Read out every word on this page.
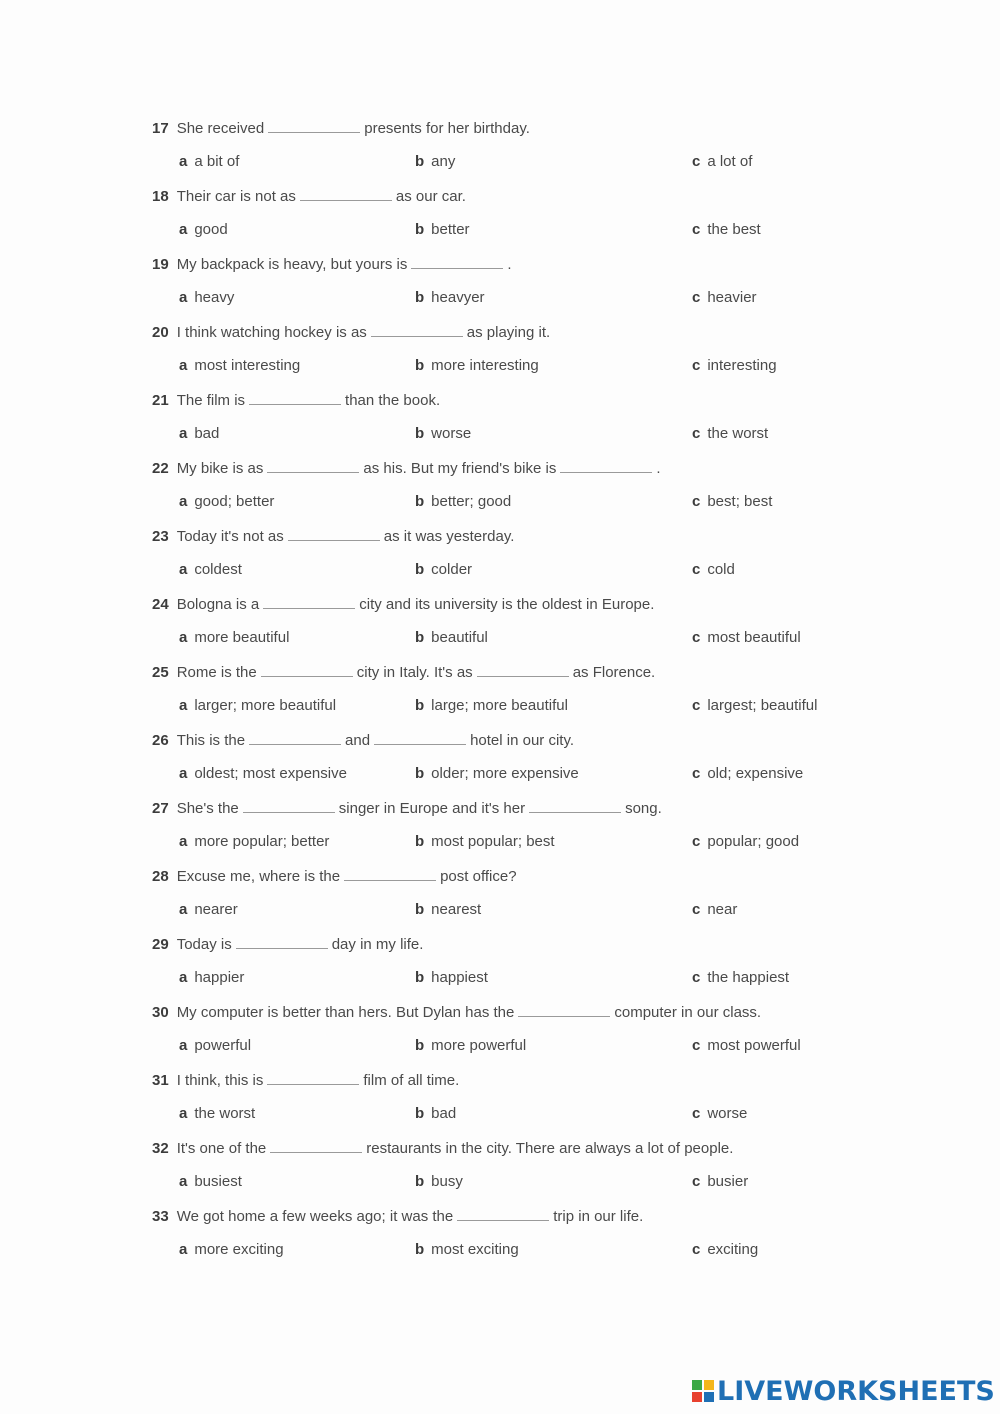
17 She received	presents for her birthday.
a a bit of	b any	c a lot of
18 Their car is not as	as our car.
a good	b better	c the best
19 My backpack is heavy, but yours is	.
a heavy	b heavyer	c heavier
20 I think watching hockey is as	as playing it.
a most interesting	b more interesting	c interesting
21 The film is	than the book.
a bad	b worse	c the worst
22 My bike is as	as his. But my friend's bike is	.
a good; better	b better; good	c best; best
23 Today it's not as	as it was yesterday.
a coldest	b colder	c cold
24 Bologna is a	city and its university is the oldest in Europe.
a more beautiful	b beautiful	c most beautiful
25 Rome is the	city in Italy. It's as	as Florence.
a larger; more beautiful	b large; more beautiful	c largest; beautiful
26 This is the	and	hotel in our city.
a oldest; most expensive	b older; more expensive	c old; expensive
27 She's the	singer in Europe and it's her	song.
a more popular; better	b most popular; best	c popular; good
28 Excuse me, where is the	post office?
a nearer	b nearest	c near
29 Today is	day in my life.
a happier	b happiest	c the happiest
30 My computer is better than hers. But Dylan has the	computer in our class.
a powerful	b more powerful	c most powerful
31 I think, this is	film of all time.
a the worst	b bad	c worse
32 It's one of the	restaurants in the city. There are always a lot of people.
a busiest	b busy	c busier
33 We got home a few weeks ago; it was the	trip in our life.
a more exciting	b most exciting	c exciting
LIVEWORKSHEETS
